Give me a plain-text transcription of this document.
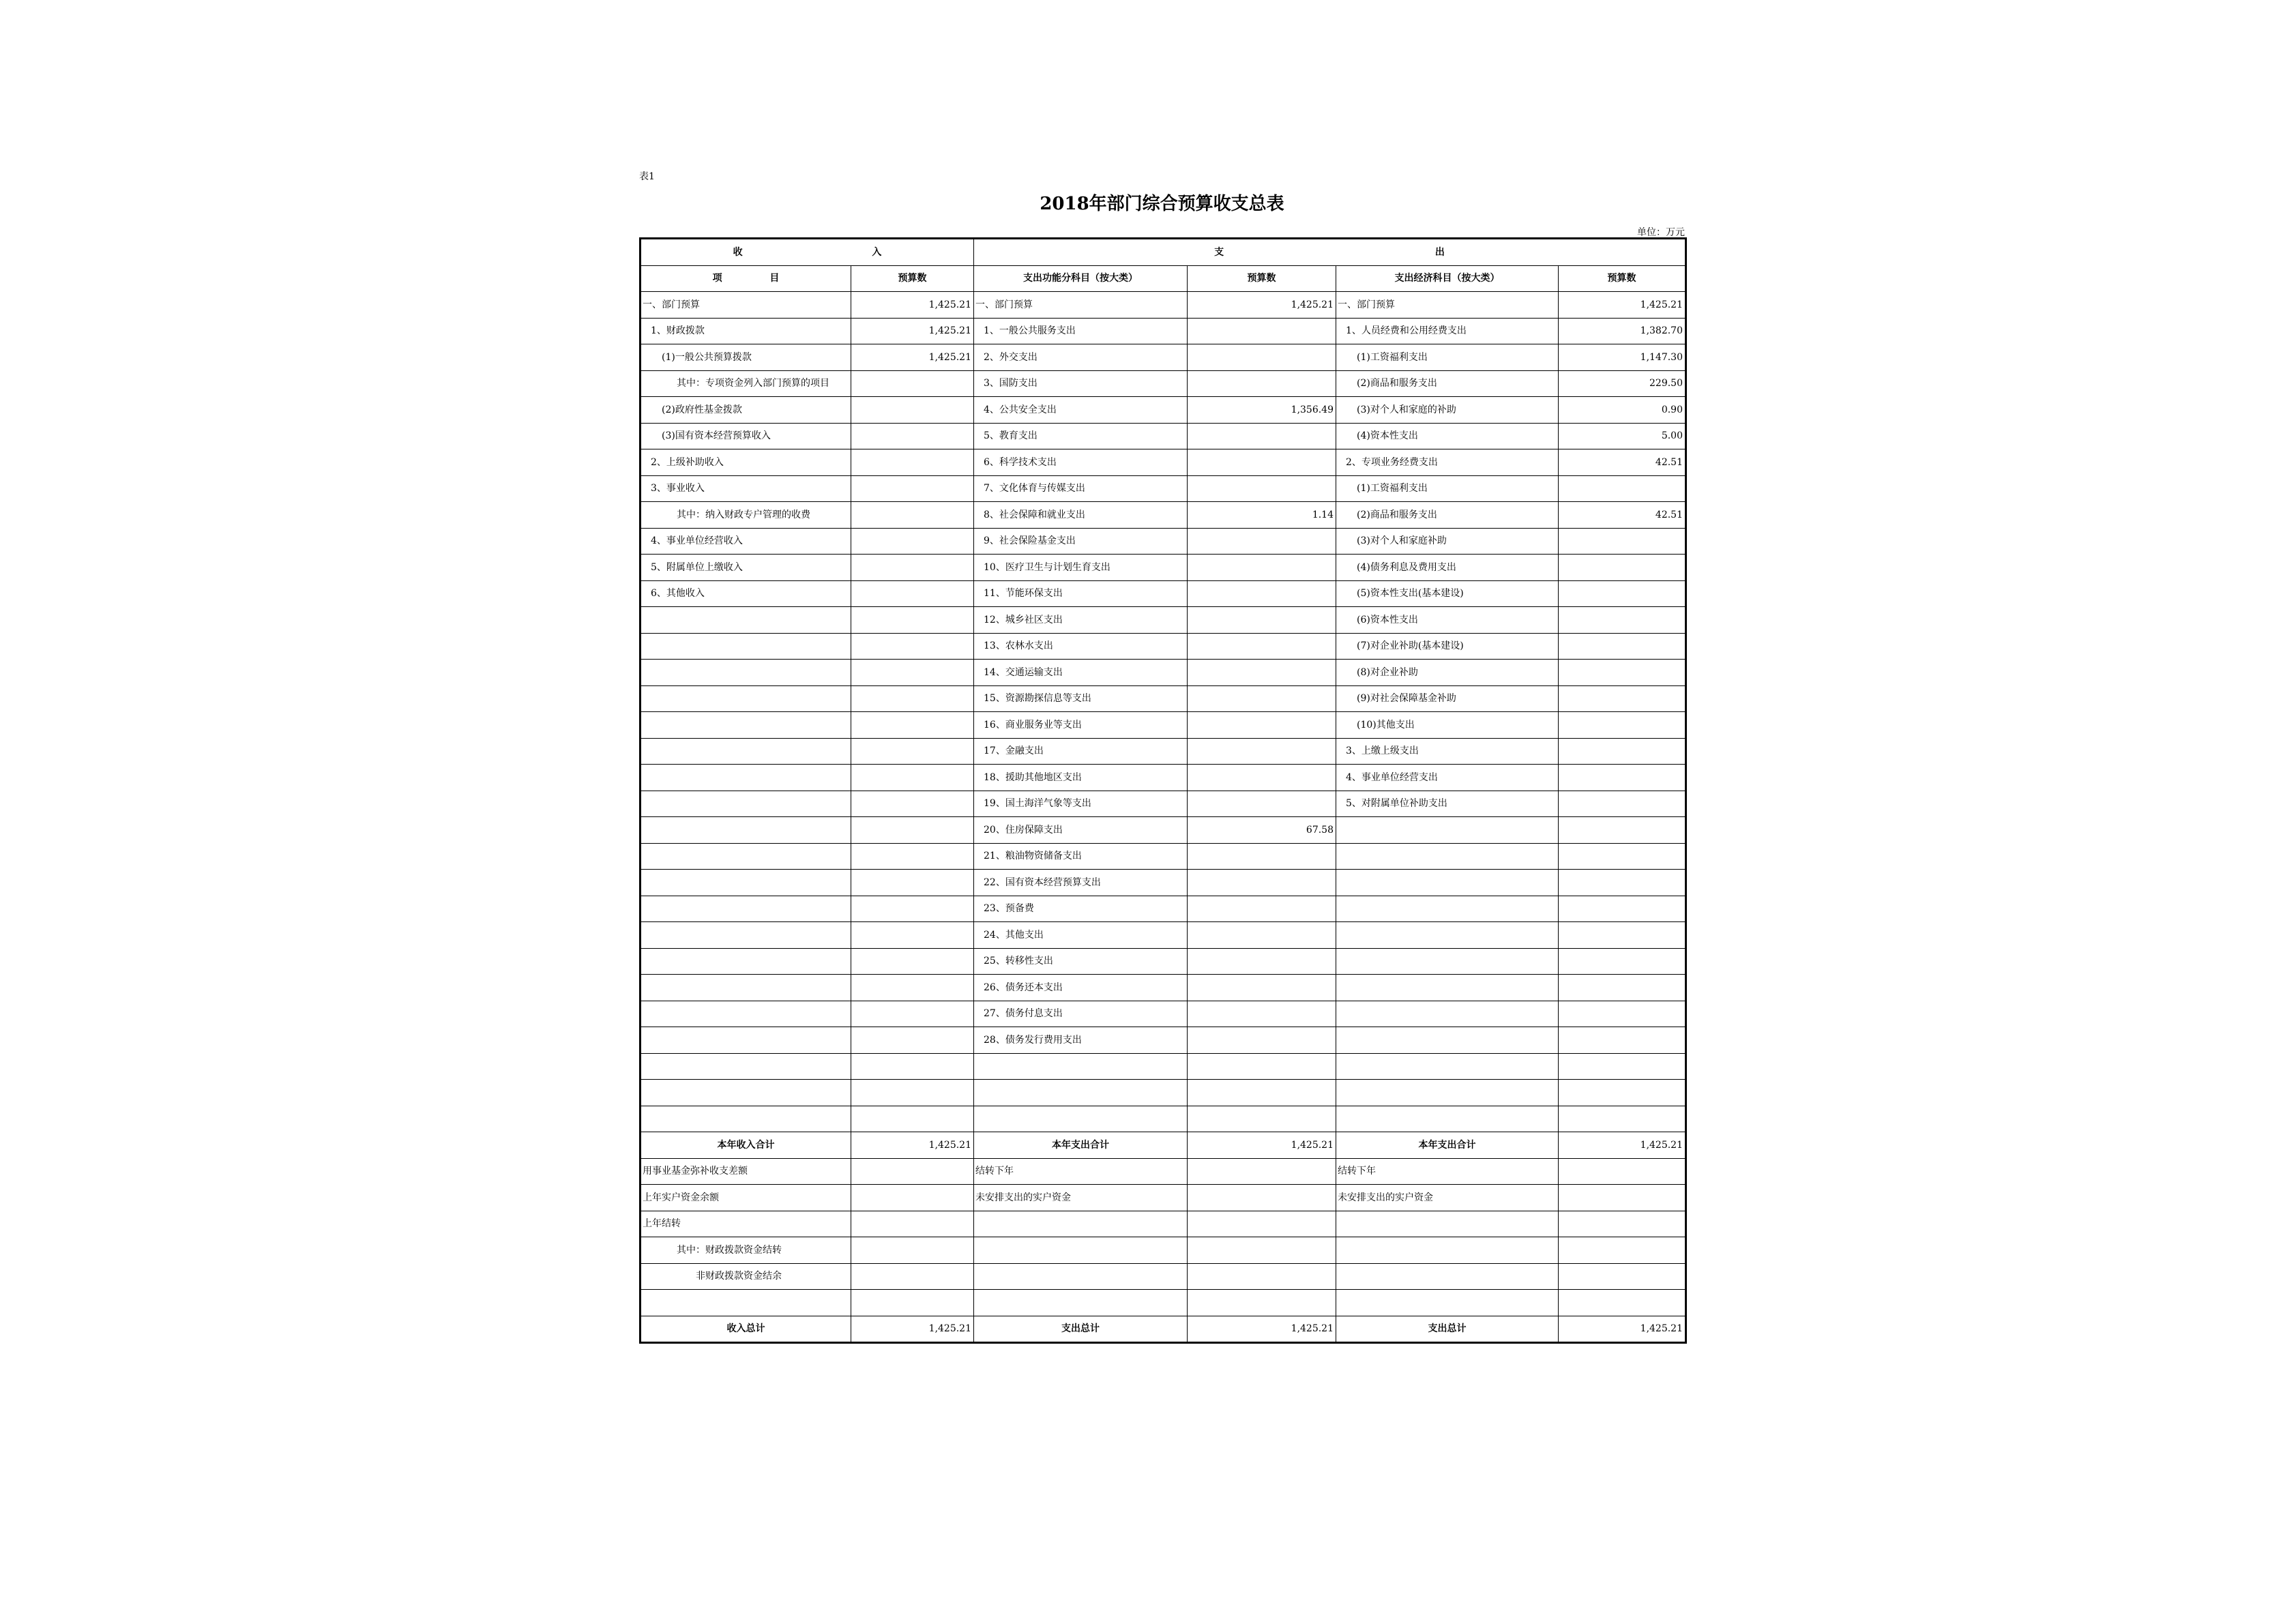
表1
2018年部门综合预算收支总表
单位：万元
收 入		支 出			
项 目	预算数	支出功能分科目（按大类）	预算数	支出经济科目（按大类）	预算数
一、部门预算	1,425.21	一、部门预算	1,425.21	一、部门预算	1,425.21
1、财政拨款	1,425.21	1、一般公共服务支出		1、人员经费和公用经费支出	1,382.70
(1)一般公共预算拨款	1,425.21	2、外交支出		(1)工资福利支出	1,147.30
其中：专项资金列入部门预算的项目		3、国防支出		(2)商品和服务支出	229.50
(2)政府性基金拨款		4、公共安全支出	1,356.49	(3)对个人和家庭的补助	0.90
(3)国有资本经营预算收入		5、教育支出		(4)资本性支出	5.00
2、上级补助收入		6、科学技术支出		2、专项业务经费支出	42.51
3、事业收入		7、文化体育与传媒支出		(1)工资福利支出	
其中：纳入财政专户管理的收费		8、社会保障和就业支出	1.14	(2)商品和服务支出	42.51
4、事业单位经营收入		9、社会保险基金支出		(3)对个人和家庭补助	
5、附属单位上缴收入		10、医疗卫生与计划生育支出		(4)债务利息及费用支出	
6、其他收入		11、节能环保支出		(5)资本性支出(基本建设)	
		12、城乡社区支出		(6)资本性支出	
		13、农林水支出		(7)对企业补助(基本建设)	
		14、交通运输支出		(8)对企业补助	
		15、资源勘探信息等支出		(9)对社会保障基金补助	
		16、商业服务业等支出		(10)其他支出	
		17、金融支出		3、上缴上级支出	
		18、援助其他地区支出		4、事业单位经营支出	
		19、国土海洋气象等支出		5、对附属单位补助支出	
		20、住房保障支出	67.58		
		21、粮油物资储备支出			
		22、国有资本经营预算支出			
		23、预备费			
		24、其他支出			
		25、转移性支出			
		26、债务还本支出			
		27、债务付息支出			
		28、债务发行费用支出			

本年收入合计	1,425.21	本年支出合计	1,425.21	本年支出合计	1,425.21
用事业基金弥补收支差额		结转下年		结转下年	
上年实户资金余额		未安排支出的实户资金		未安排支出的实户资金	
上年结转					
其中：财政拨款资金结转					
非财政拨款资金结余					

收入总计	1,425.21	支出总计	1,425.21	支出总计	1,425.21
